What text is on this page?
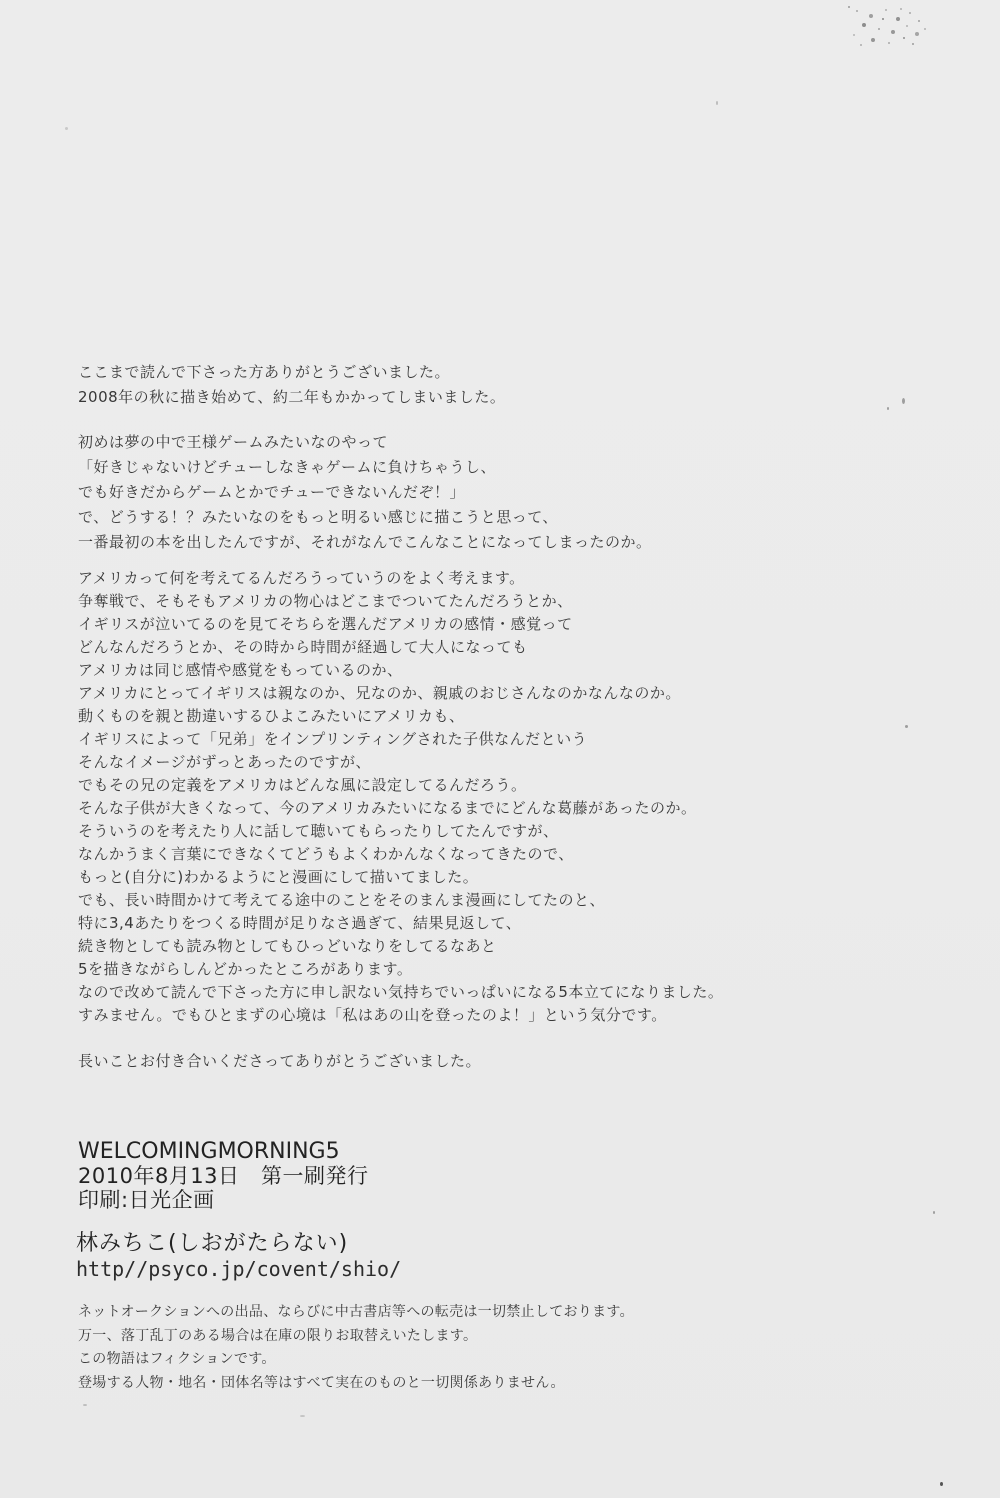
ここまで読んで下さった方ありがとうございました。
2008年の秋に描き始めて、約二年もかかってしまいました。
初めは夢の中で王様ゲームみたいなのやって
「好きじゃないけどチューしなきゃゲームに負けちゃうし、
でも好きだからゲームとかでチューできないんだぞ！」
で、どうする！？みたいなのをもっと明るい感じに描こうと思って、
一番最初の本を出したんですが、それがなんでこんなことになってしまったのか。
アメリカって何を考えてるんだろうっていうのをよく考えます。
争奪戦で、そもそもアメリカの物心はどこまでついてたんだろうとか、
イギリスが泣いてるのを見てそちらを選んだアメリカの感情・感覚って
どんなんだろうとか、その時から時間が経過して大人になっても
アメリカは同じ感情や感覚をもっているのか、
アメリカにとってイギリスは親なのか、兄なのか、親戚のおじさんなのかなんなのか。
動くものを親と勘違いするひよこみたいにアメリカも、
イギリスによって「兄弟」をインプリンティングされた子供なんだという
そんなイメージがずっとあったのですが、
でもその兄の定義をアメリカはどんな風に設定してるんだろう。
そんな子供が大きくなって、今のアメリカみたいになるまでにどんな葛藤があったのか。
そういうのを考えたり人に話して聴いてもらったりしてたんですが、
なんかうまく言葉にできなくてどうもよくわかんなくなってきたので、
もっと(自分に)わかるようにと漫画にして描いてました。
でも、長い時間かけて考えてる途中のことをそのまんま漫画にしてたのと、
特に3,4あたりをつくる時間が足りなさ過ぎて、結果見返して、
続き物としても読み物としてもひっどいなりをしてるなあと
5を描きながらしんどかったところがあります。
なので改めて読んで下さった方に申し訳ない気持ちでいっぱいになる5本立てになりました。
すみません。でもひとまずの心境は「私はあの山を登ったのよ！」という気分です。
長いことお付き合いくださってありがとうございました。
WELCOMINGMORNING5
2010年8月13日　第一刷発行
印刷:日光企画
林みちこ(しおがたらない)
http//psyco.jp/covent/shio/
ネットオークションへの出品、ならびに中古書店等への転売は一切禁止しております。
万一、落丁乱丁のある場合は在庫の限りお取替えいたします。
この物語はフィクションです。
登場する人物・地名・団体名等はすべて実在のものと一切関係ありません。
